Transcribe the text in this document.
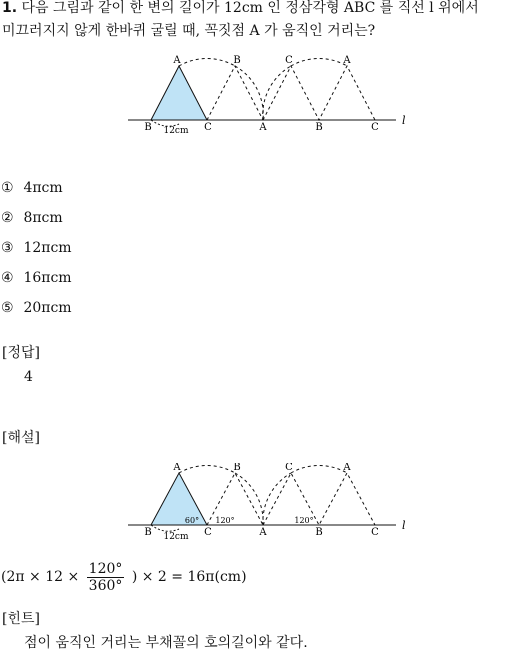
1. 다음 그림과 같이 한 변의 길이가 12cm 인 정삼각형 ABC 를 직선 l 위에서
미끄러지지 않게 한바퀴 굴릴 때, 꼭짓점 A 가 움직인 거리는?
A	B	C	A
B	C	A	B	C
12cm
l
① 4πcm
② 8πcm
③ 12πcm
④ 16πcm
⑤ 20πcm
[정답]
4
[해설]
A	B	C	A
B	C	A	B	C
12cm
60° 120°	120°	l
($2\pi \times 12 \times \frac{120^\circ}{360^\circ}$ ) × 2 = 16π(cm)
[힌트]
점이 움직인 거리는 부채꼴의 호의길이와 같다.
